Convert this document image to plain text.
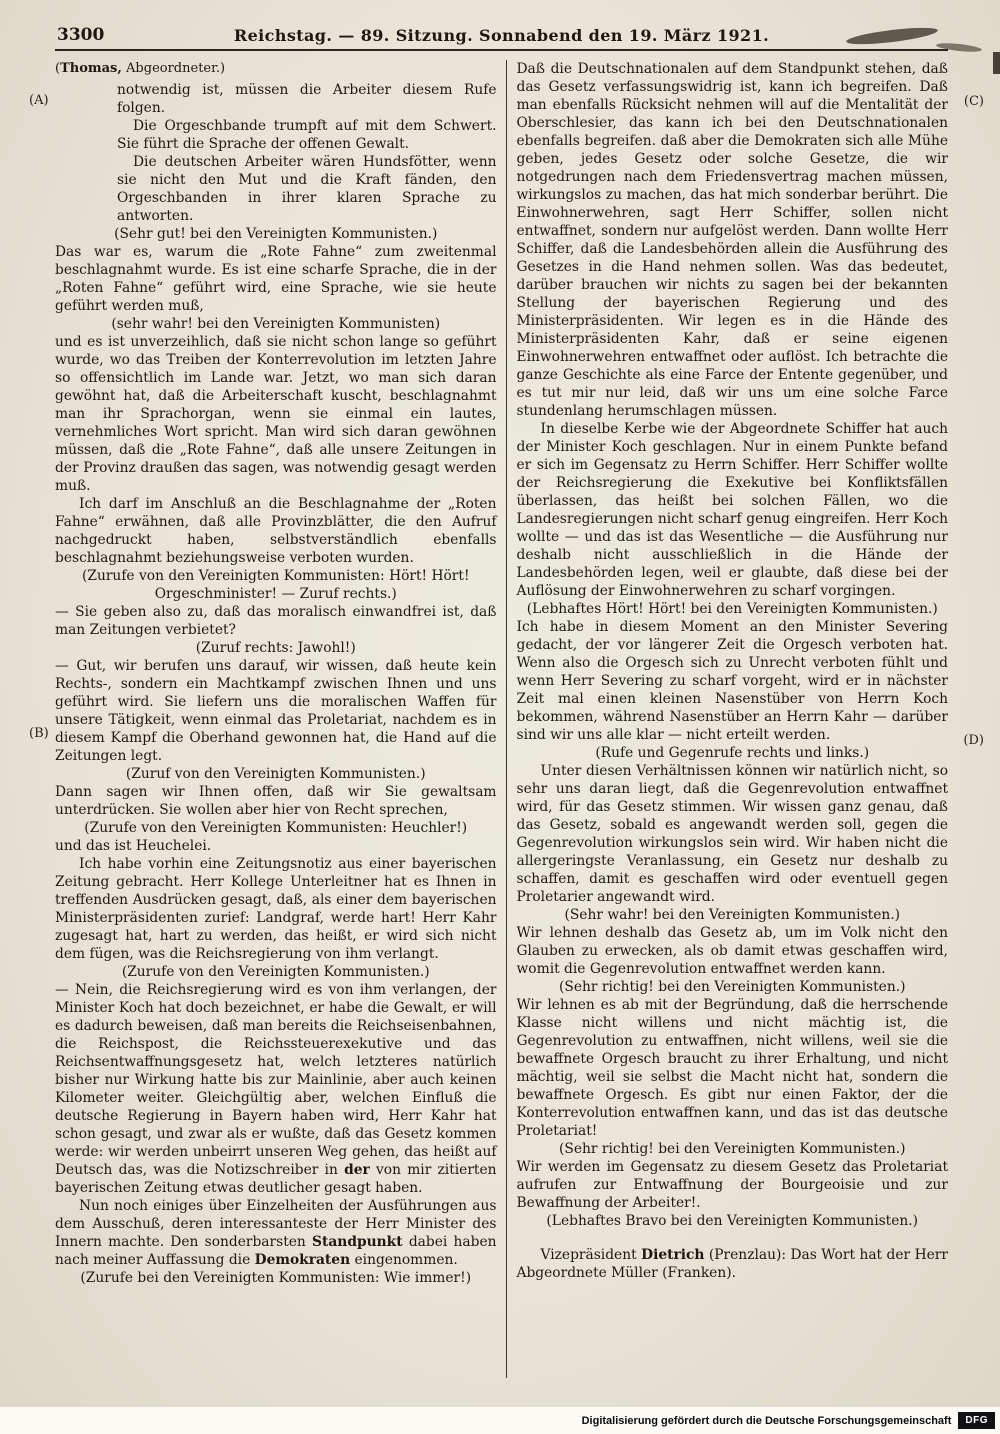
3300	Reichstag. — 89. Sitzung. Sonnabend den 19. März 1921.
(A)
(B)
(C)
(D)

(Thomas, Abgeordneter.)

notwendig ist, müssen die Arbeiter diesem Rufe folgen.

Die Orgeschbande trumpft auf mit dem Schwert. Sie führt die Sprache der offenen Gewalt.

Die deutschen Arbeiter wären Hundsfötter, wenn sie nicht den Mut und die Kraft fänden, den Orgeschbanden in ihrer klaren Sprache zu antworten.

(Sehr gut! bei den Vereinigten Kommunisten.)

Das war es, warum die „Rote Fahne“ zum zweitenmal beschlagnahmt wurde. Es ist eine scharfe Sprache, die in der „Roten Fahne“ geführt wird, eine Sprache, wie sie heute geführt werden muß,

(sehr wahr! bei den Vereinigten Kommunisten)

und es ist unverzeihlich, daß sie nicht schon lange so geführt wurde, wo das Treiben der Konterrevolution im letzten Jahre so offensichtlich im Lande war. Jetzt, wo man sich daran gewöhnt hat, daß die Arbeiterschaft kuscht, beschlagnahmt man ihr Sprachorgan, wenn sie einmal ein lautes, vernehmliches Wort spricht. Man wird sich daran gewöhnen müssen, daß die „Rote Fahne“, daß alle unsere Zeitungen in der Provinz draußen das sagen, was notwendig gesagt werden muß.

Ich darf im Anschluß an die Beschlagnahme der „Roten Fahne“ erwähnen, daß alle Provinzblätter, die den Aufruf nachgedruckt haben, selbstverständlich ebenfalls beschlagnahmt beziehungsweise verboten wurden.

(Zurufe von den Vereinigten Kommunisten: Hört! Hört! Orgeschminister! — Zuruf rechts.)

— Sie geben also zu, daß das moralisch einwandfrei ist, daß man Zeitungen verbietet?

(Zuruf rechts: Jawohl!)

— Gut, wir berufen uns darauf, wir wissen, daß heute kein Rechts-, sondern ein Machtkampf zwischen Ihnen und uns geführt wird. Sie liefern uns die moralischen Waffen für unsere Tätigkeit, wenn einmal das Proletariat, nachdem es in diesem Kampf die Oberhand gewonnen hat, die Hand auf die Zeitungen legt.

(Zuruf von den Vereinigten Kommunisten.)

Dann sagen wir Ihnen offen, daß wir Sie gewaltsam unterdrücken. Sie wollen aber hier von Recht sprechen,

(Zurufe von den Vereinigten Kommunisten: Heuchler!)

und das ist Heuchelei.

Ich habe vorhin eine Zeitungsnotiz aus einer bayerischen Zeitung gebracht. Herr Kollege Unterleitner hat es Ihnen in treffenden Ausdrücken gesagt, daß, als einer dem bayerischen Ministerpräsidenten zurief: Landgraf, werde hart! Herr Kahr zugesagt hat, hart zu werden, das heißt, er wird sich nicht dem fügen, was die Reichsregierung von ihm verlangt.

(Zurufe von den Vereinigten Kommunisten.)

— Nein, die Reichsregierung wird es von ihm verlangen, der Minister Koch hat doch bezeichnet, er habe die Gewalt, er will es dadurch beweisen, daß man bereits die Reichseisenbahnen, die Reichspost, die Reichssteuerexekutive und das Reichsentwaffnungsgesetz hat, welch letzteres natürlich bisher nur Wirkung hatte bis zur Mainlinie, aber auch keinen Kilometer weiter. Gleichgültig aber, welchen Einfluß die deutsche Regierung in Bayern haben wird, Herr Kahr hat schon gesagt, und zwar als er wußte, daß das Gesetz kommen werde: wir werden unbeirrt unseren Weg gehen, das heißt auf Deutsch das, was die Notizschreiber in der von mir zitierten bayerischen Zeitung etwas deutlicher gesagt haben.

Nun noch einiges über Einzelheiten der Ausführungen aus dem Ausschuß, deren interessanteste der Herr Minister des Innern machte. Den sonderbarsten Standpunkt dabei haben nach meiner Auffassung die Demokraten eingenommen.

(Zurufe bei den Vereinigten Kommunisten: Wie immer!)

Daß die Deutschnationalen auf dem Standpunkt stehen, daß das Gesetz verfassungswidrig ist, kann ich begreifen. Daß man ebenfalls Rücksicht nehmen will auf die Mentalität der Oberschlesier, das kann ich bei den Deutschnationalen ebenfalls begreifen. daß aber die Demokraten sich alle Mühe geben, jedes Gesetz oder solche Gesetze, die wir notgedrungen nach dem Friedensvertrag machen müssen, wirkungslos zu machen, das hat mich sonderbar berührt. Die Einwohnerwehren, sagt Herr Schiffer, sollen nicht entwaffnet, sondern nur aufgelöst werden. Dann wollte Herr Schiffer, daß die Landesbehörden allein die Ausführung des Gesetzes in die Hand nehmen sollen. Was das bedeutet, darüber brauchen wir nichts zu sagen bei der bekannten Stellung der bayerischen Regierung und des Ministerpräsidenten. Wir legen es in die Hände des Ministerpräsidenten Kahr, daß er seine eigenen Einwohnerwehren entwaffnet oder auflöst. Ich betrachte die ganze Geschichte als eine Farce der Entente gegenüber, und es tut mir nur leid, daß wir uns um eine solche Farce stundenlang herumschlagen müssen.

In dieselbe Kerbe wie der Abgeordnete Schiffer hat auch der Minister Koch geschlagen. Nur in einem Punkte befand er sich im Gegensatz zu Herrn Schiffer. Herr Schiffer wollte der Reichsregierung die Exekutive bei Konfliktsfällen überlassen, das heißt bei solchen Fällen, wo die Landesregierungen nicht scharf genug eingreifen. Herr Koch wollte — und das ist das Wesentliche — die Ausführung nur deshalb nicht ausschließlich in die Hände der Landesbehörden legen, weil er glaubte, daß diese bei der Auflösung der Einwohnerwehren zu scharf vorgingen.

(Lebhaftes Hört! Hört! bei den Vereinigten Kommunisten.)

Ich habe in diesem Moment an den Minister Severing gedacht, der vor längerer Zeit die Orgesch verboten hat. Wenn also die Orgesch sich zu Unrecht verboten fühlt und wenn Herr Severing zu scharf vorgeht, wird er in nächster Zeit mal einen kleinen Nasenstüber von Herrn Koch bekommen, während Nasenstüber an Herrn Kahr — darüber sind wir uns alle klar — nicht erteilt werden.

(Rufe und Gegenrufe rechts und links.)

Unter diesen Verhältnissen können wir natürlich nicht, so sehr uns daran liegt, daß die Gegenrevolution entwaffnet wird, für das Gesetz stimmen. Wir wissen ganz genau, daß das Gesetz, sobald es angewandt werden soll, gegen die Gegenrevolution wirkungslos sein wird. Wir haben nicht die allergeringste Veranlassung, ein Gesetz nur deshalb zu schaffen, damit es geschaffen wird oder eventuell gegen Proletarier angewandt wird.

(Sehr wahr! bei den Vereinigten Kommunisten.)

Wir lehnen deshalb das Gesetz ab, um im Volk nicht den Glauben zu erwecken, als ob damit etwas geschaffen wird, womit die Gegenrevolution entwaffnet werden kann.

(Sehr richtig! bei den Vereinigten Kommunisten.)

Wir lehnen es ab mit der Begründung, daß die herrschende Klasse nicht willens und nicht mächtig ist, die Gegenrevolution zu entwaffnen, nicht willens, weil sie die bewaffnete Orgesch braucht zu ihrer Erhaltung, und nicht mächtig, weil sie selbst die Macht nicht hat, sondern die bewaffnete Orgesch. Es gibt nur einen Faktor, der die Konterrevolution entwaffnen kann, und das ist das deutsche Proletariat!

(Sehr richtig! bei den Vereinigten Kommunisten.)

Wir werden im Gegensatz zu diesem Gesetz das Proletariat aufrufen zur Entwaffnung der Bourgeoisie und zur Bewaffnung der Arbeiter!.

(Lebhaftes Bravo bei den Vereinigten Kommunisten.)

Vizepräsident Dietrich (Prenzlau): Das Wort hat der Herr Abgeordnete Müller (Franken).

Digitalisierung gefördert durch die Deutsche Forschungsgemeinschaft	DFG
